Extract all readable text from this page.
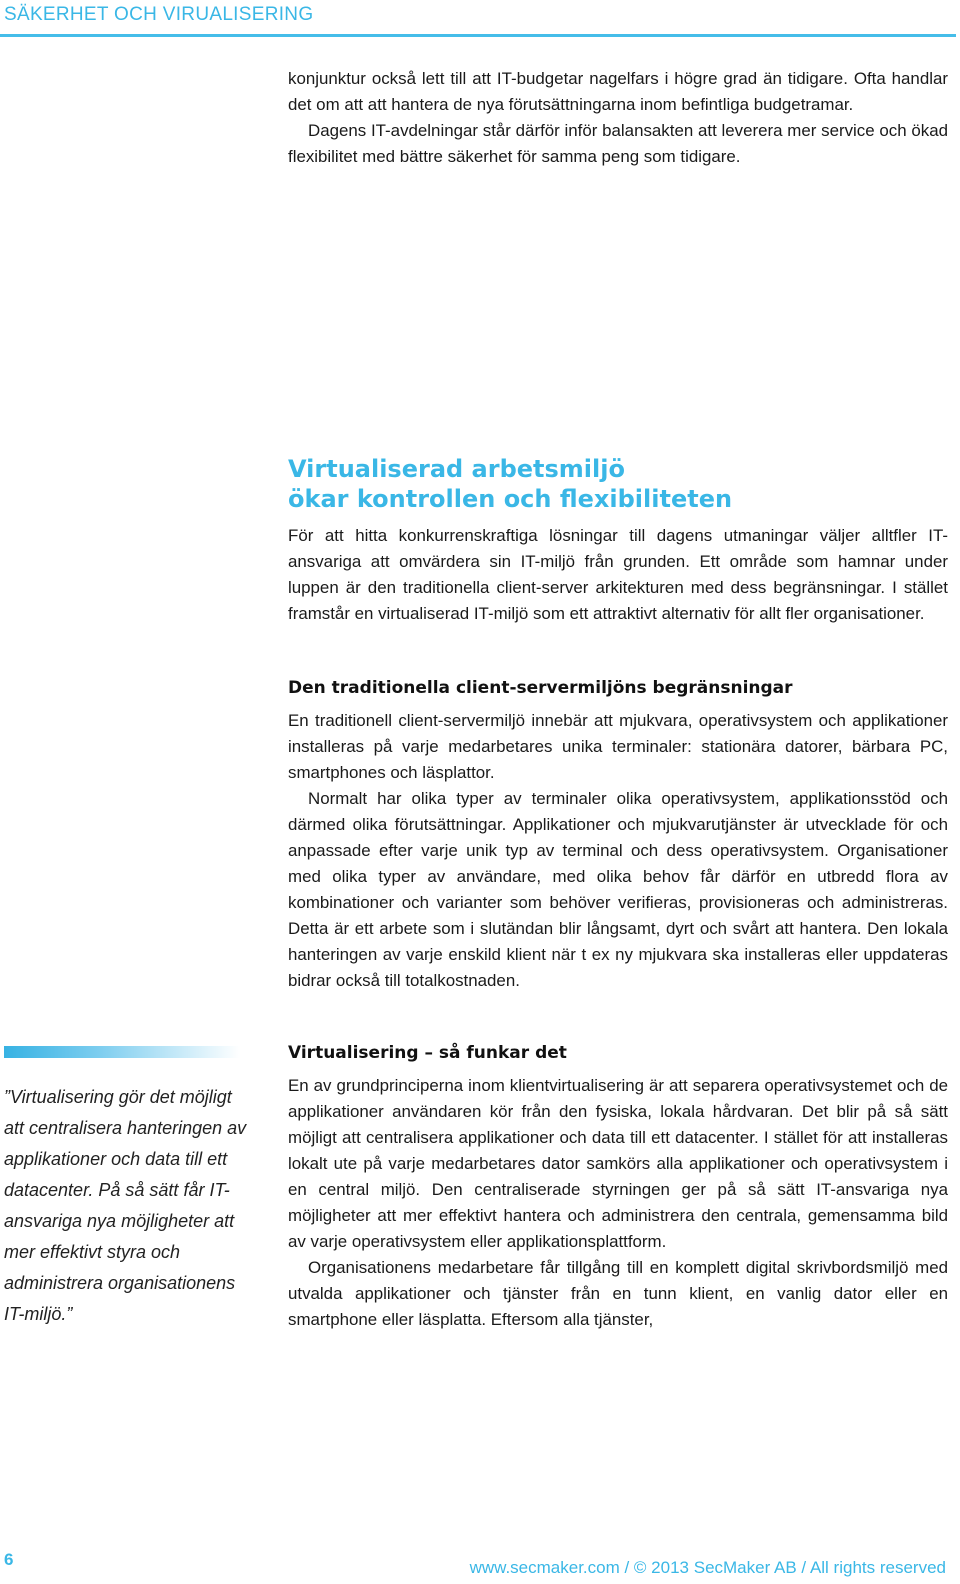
SÄKERHET OCH VIRUALISERING

konjunktur också lett till att IT-budgetar nagelfars i högre grad än tidigare. Ofta handlar det om att att hantera de nya förutsättningarna inom befintliga budgetramar.

Dagens IT-avdelningar står därför inför balansakten att leverera mer service och ökad flexibilitet med bättre säkerhet för samma peng som tidigare.

Virtualiserad arbetsmiljö
ökar kontrollen och flexibiliteten

För att hitta konkurrenskraftiga lösningar till dagens utmaningar väljer alltfler IT-ansvariga att omvärdera sin IT-miljö från grunden. Ett område som hamnar under luppen är den traditionella client-server arkitekturen med dess begränsningar. I stället framstår en virtualiserad IT-miljö som ett attraktivt alternativ för allt fler organisationer.

Den traditionella client-servermiljöns begränsningar

En traditionell client-servermiljö innebär att mjukvara, operativsystem och applikationer installeras på varje medarbetares unika terminaler: stationära datorer, bärbara PC, smartphones och läsplattor.

Normalt har olika typer av terminaler olika operativsystem, applikationsstöd och därmed olika förutsättningar. Applikationer och mjukvarutjänster är utvecklade för och anpassade efter varje unik typ av terminal och dess operativsystem. Organisationer med olika typer av användare, med olika behov får därför en utbredd flora av kombinationer och varianter som behöver verifieras, provisioneras och administreras. Detta är ett arbete som i slutändan blir långsamt, dyrt och svårt att hantera. Den lokala hanteringen av varje enskild klient när t ex ny mjukvara ska installeras eller uppdateras bidrar också till totalkostnaden.

Virtualisering – så funkar det

En av grundprinciperna inom klientvirtualisering är att separera operativsystemet och de applikationer användaren kör från den fysiska, lokala hårdvaran. Det blir på så sätt möjligt att centralisera applikationer och data till ett datacenter. I stället för att installeras lokalt ute på varje medarbetares dator samkörs alla applikationer och operativsystem i en central miljö. Den centraliserade styrningen ger på så sätt IT-ansvariga nya möjligheter att mer effektivt hantera och administrera den centrala, gemensamma bild av varje operativsystem eller applikationsplattform.

Organisationens medarbetare får tillgång till en komplett digital skrivbordsmiljö med utvalda applikationer och tjänster från en tunn klient, en vanlig dator eller en smartphone eller läsplatta. Eftersom alla tjänster,

”Virtualisering gör det möjligt att centralisera hanteringen av applikationer och data till ett datacenter. På så sätt får IT-ansvariga nya möjligheter att mer effektivt styra och administrera organisationens IT-miljö.”
6	www.secmaker.com / © 2013 SecMaker AB / All rights reserved
